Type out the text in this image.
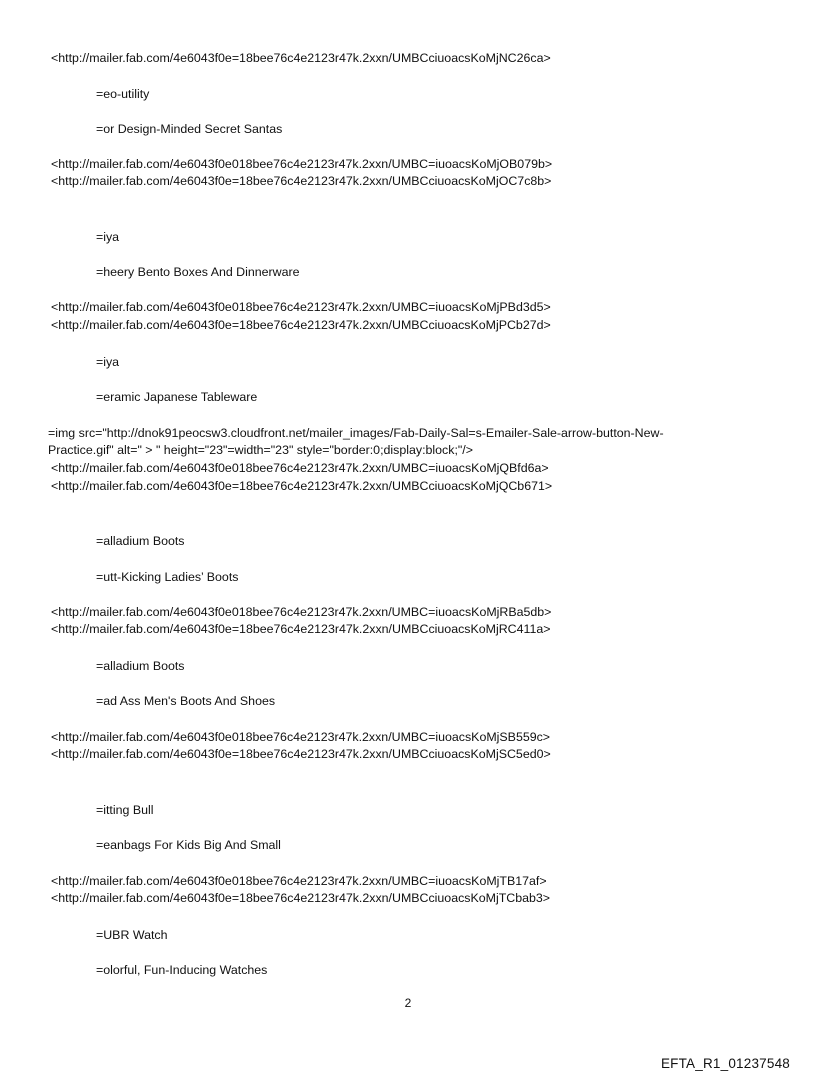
<http://mailer.fab.com/4e6043f0e=18bee76c4e2123r47k.2xxn/UMBCciuoacsKoMjNC26ca>
=eo-utility
=or Design-Minded Secret Santas
<http://mailer.fab.com/4e6043f0e018bee76c4e2123r47k.2xxn/UMBC=iuoacsKoMjOB079b>
<http://mailer.fab.com/4e6043f0e=18bee76c4e2123r47k.2xxn/UMBCciuoacsKoMjOC7c8b>
=iya
=heery Bento Boxes And Dinnerware
<http://mailer.fab.com/4e6043f0e018bee76c4e2123r47k.2xxn/UMBC=iuoacsKoMjPBd3d5>
<http://mailer.fab.com/4e6043f0e=18bee76c4e2123r47k.2xxn/UMBCciuoacsKoMjPCb27d>
=iya
=eramic Japanese Tableware
=img src="http://dnok91peocsw3.cloudfront.net/mailer_images/Fab-Daily-Sal=s-Emailer-Sale-arrow-button-New-
Practice.gif" alt=" > " height="23"=width="23" style="border:0;display:block;"/>
<http://mailer.fab.com/4e6043f0e018bee76c4e2123r47k.2xxn/UMBC=iuoacsKoMjQBfd6a>
<http://mailer.fab.com/4e6043f0e=18bee76c4e2123r47k.2xxn/UMBCciuoacsKoMjQCb671>
=alladium Boots
=utt-Kicking Ladies’ Boots
<http://mailer.fab.com/4e6043f0e018bee76c4e2123r47k.2xxn/UMBC=iuoacsKoMjRBa5db>
<http://mailer.fab.com/4e6043f0e=18bee76c4e2123r47k.2xxn/UMBCciuoacsKoMjRC411a>
=alladium Boots
=ad Ass Men's Boots And Shoes
<http://mailer.fab.com/4e6043f0e018bee76c4e2123r47k.2xxn/UMBC=iuoacsKoMjSB559c>
<http://mailer.fab.com/4e6043f0e=18bee76c4e2123r47k.2xxn/UMBCciuoacsKoMjSC5ed0>
=itting Bull
=eanbags For Kids Big And Small
<http://mailer.fab.com/4e6043f0e018bee76c4e2123r47k.2xxn/UMBC=iuoacsKoMjTB17af>
<http://mailer.fab.com/4e6043f0e=18bee76c4e2123r47k.2xxn/UMBCciuoacsKoMjTCbab3>
=UBR Watch
=olorful, Fun-Inducing Watches
2
EFTA_R1_01237548
